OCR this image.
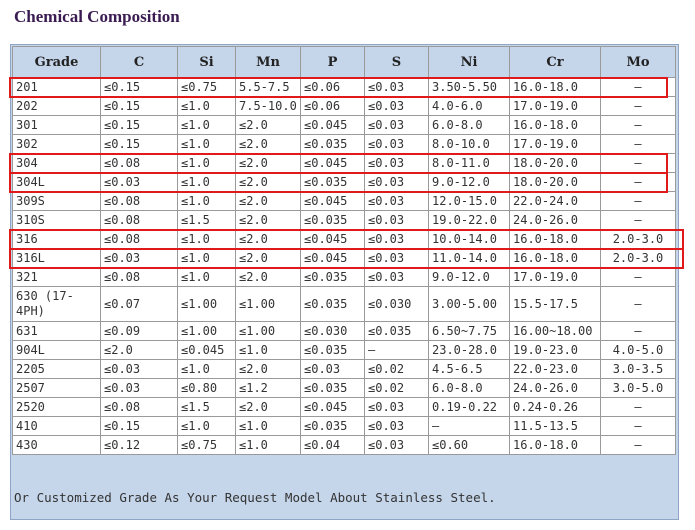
Chemical Composition
Grade	C	Si	Mn	P	S	Ni	Cr	Mo
201	≤0.15	≤0.75	5.5-7.5	≤0.06	≤0.03	3.50-5.50	16.0-18.0	–
202	≤0.15	≤1.0	7.5-10.0	≤0.06	≤0.03	4.0-6.0	17.0-19.0	–
301	≤0.15	≤1.0	≤2.0	≤0.045	≤0.03	6.0-8.0	16.0-18.0	–
302	≤0.15	≤1.0	≤2.0	≤0.035	≤0.03	8.0-10.0	17.0-19.0	–
304	≤0.08	≤1.0	≤2.0	≤0.045	≤0.03	8.0-11.0	18.0-20.0	–
304L	≤0.03	≤1.0	≤2.0	≤0.035	≤0.03	9.0-12.0	18.0-20.0	–
309S	≤0.08	≤1.0	≤2.0	≤0.045	≤0.03	12.0-15.0	22.0-24.0	–
310S	≤0.08	≤1.5	≤2.0	≤0.035	≤0.03	19.0-22.0	24.0-26.0	–
316	≤0.08	≤1.0	≤2.0	≤0.045	≤0.03	10.0-14.0	16.0-18.0	2.0-3.0
316L	≤0.03	≤1.0	≤2.0	≤0.045	≤0.03	11.0-14.0	16.0-18.0	2.0-3.0
321	≤0.08	≤1.0	≤2.0	≤0.035	≤0.03	9.0-12.0	17.0-19.0	–
630 (17-4PH)	≤0.07	≤1.00	≤1.00	≤0.035	≤0.030	3.00-5.00	15.5-17.5	–
631	≤0.09	≤1.00	≤1.00	≤0.030	≤0.035	6.50~7.75	16.00~18.00	–
904L	≤2.0	≤0.045	≤1.0	≤0.035	–	23.0-28.0	19.0-23.0	4.0-5.0
2205	≤0.03	≤1.0	≤2.0	≤0.03	≤0.02	4.5-6.5	22.0-23.0	3.0-3.5
2507	≤0.03	≤0.80	≤1.2	≤0.035	≤0.02	6.0-8.0	24.0-26.0	3.0-5.0
2520	≤0.08	≤1.5	≤2.0	≤0.045	≤0.03	0.19-0.22	0.24-0.26	–
410	≤0.15	≤1.0	≤1.0	≤0.035	≤0.03	–	11.5-13.5	–
430	≤0.12	≤0.75	≤1.0	≤0.04	≤0.03	≤0.60	16.0-18.0	–
Or Customized Grade As Your Request Model About Stainless Steel.
